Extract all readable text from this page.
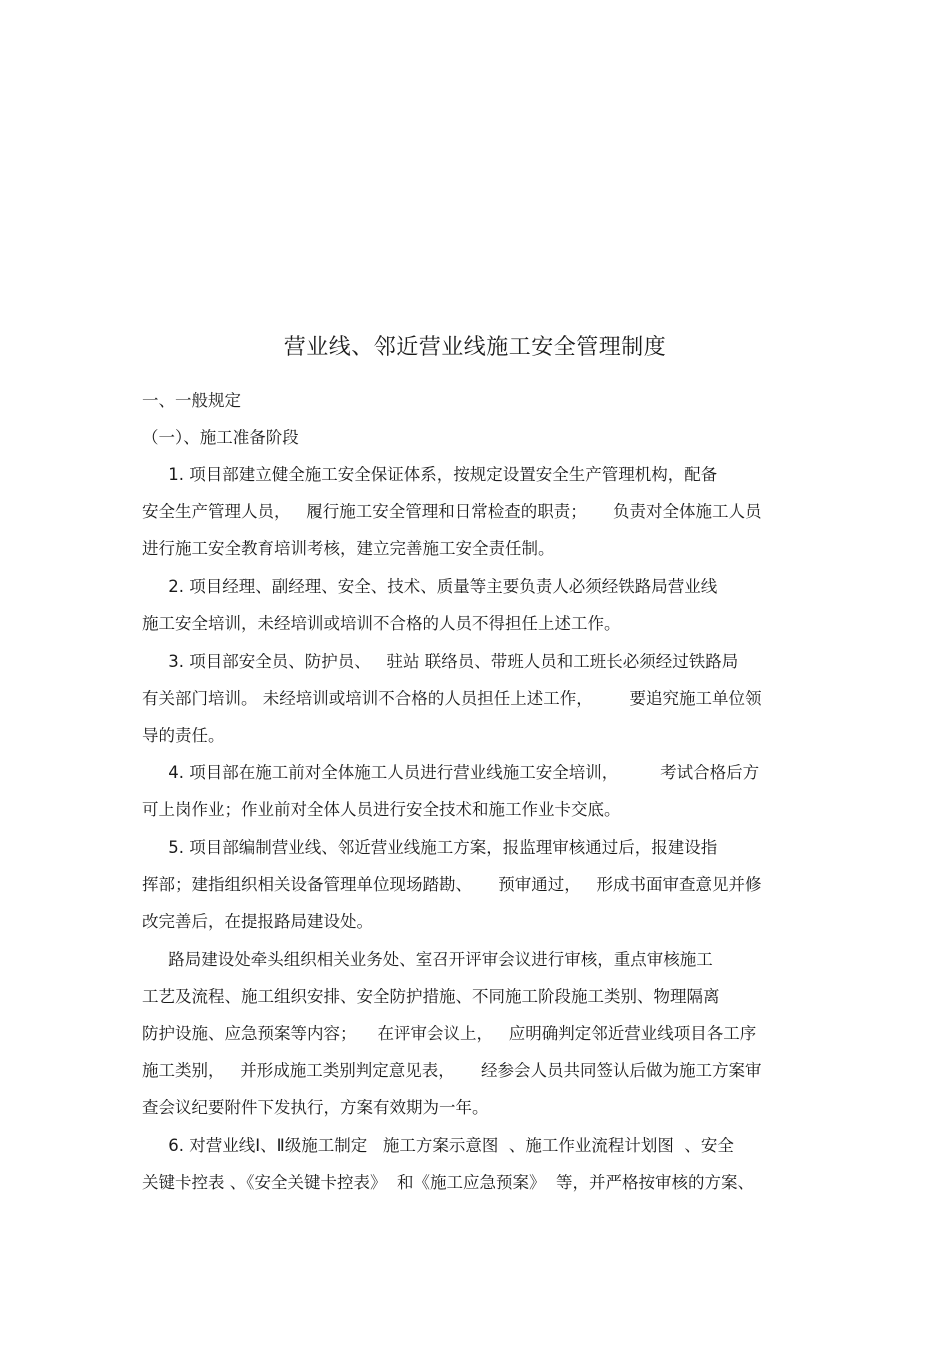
营业线、邻近营业线施工安全管理制度
一、一般规定
（一）、施工准备阶段
1. 项目部建立健全施工安全保证体系，按规定设置安全生产管理机构，配备
安全生产管理人员，   履行施工安全管理和日常检查的职责；     负责对全体施工人员
进行施工安全教育培训考核，建立完善施工安全责任制。
2. 项目经理、副经理、安全、技术、质量等主要负责人必须经铁路局营业线
施工安全培训，未经培训或培训不合格的人员不得担任上述工作。
3. 项目部安全员、防护员、   驻站 联络员、带班人员和工班长必须经过铁路局
有关部门培训。 未经培训或培训不合格的人员担任上述工作，       要追究施工单位领
导的责任。
4. 项目部在施工前对全体施工人员进行营业线施工安全培训，        考试合格后方
可上岗作业；作业前对全体人员进行安全技术和施工作业卡交底。
5. 项目部编制营业线、邻近营业线施工方案，报监理审核通过后，报建设指
挥部；建指组织相关设备管理单位现场踏勘、     预审通过，   形成书面审查意见并修
改完善后，在提报路局建设处。
路局建设处牵头组织相关业务处、室召开评审会议进行审核，重点审核施工
工艺及流程、施工组织安排、安全防护措施、不同施工阶段施工类别、物理隔离
防护设施、应急预案等内容；    在评审会议上，   应明确判定邻近营业线项目各工序
施工类别，   并形成施工类别判定意见表，     经参会人员共同签认后做为施工方案审
查会议纪要附件下发执行，方案有效期为一年。
6. 对营业线Ⅰ、Ⅱ级施工制定   施工方案示意图  、施工作业流程计划图  、安全
关键卡控表 、《安全关键卡控表》  和《施工应急预案》  等，并严格按审核的方案、
